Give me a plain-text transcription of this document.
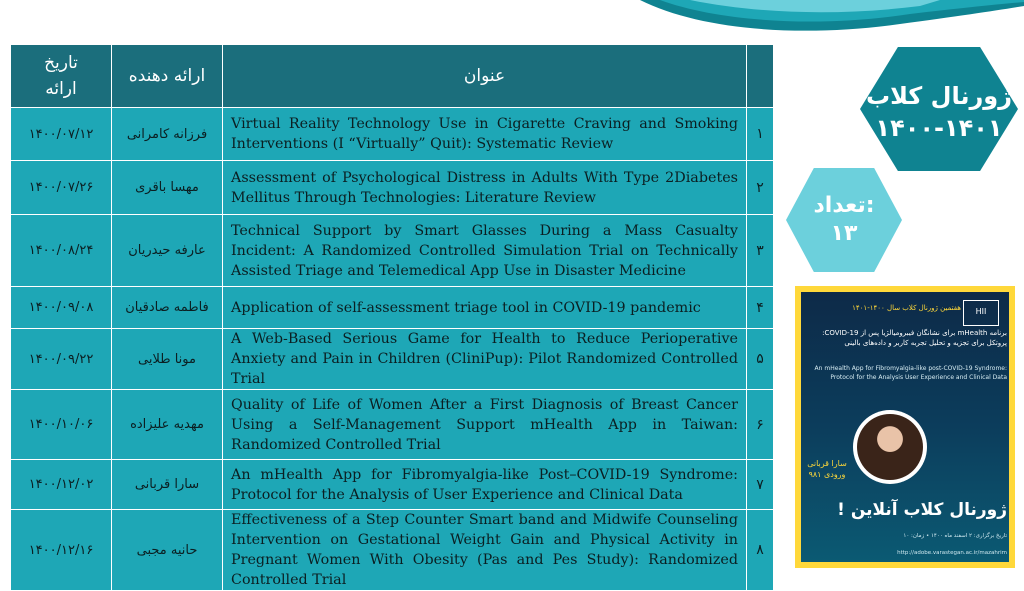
	عنوان	ارائه دهنده	تاریخ ارائه
۱	Virtual Reality Technology Use in Cigarette Craving and Smoking Interventions (I “Virtually” Quit): Systematic Review	فرزانه کامرانی	۱۴۰۰/۰۷/۱۲
۲	Assessment of Psychological Distress in Adults With Type 2Diabetes Mellitus Through Technologies: Literature Review	مهسا باقری	۱۴۰۰/۰۷/۲۶
۳	Technical Support by Smart Glasses During a Mass Casualty Incident: A Randomized Controlled Simulation Trial on Technically Assisted Triage and Telemedical App Use in Disaster Medicine	عارفه حیدریان	۱۴۰۰/۰۸/۲۴
۴	Application of self-assessment triage tool in COVID-19 pandemic	فاطمه صادقیان	۱۴۰۰/۰۹/۰۸
۵	A Web-Based Serious Game for Health to Reduce Perioperative Anxiety and Pain in Children (CliniPup): Pilot Randomized Controlled Trial	مونا طلایی	۱۴۰۰/۰۹/۲۲
۶	Quality of Life of Women After a First Diagnosis of Breast Cancer Using a Self-Management Support mHealth App in Taiwan: Randomized Controlled Trial	مهدیه علیزاده	۱۴۰۰/۱۰/۰۶
۷	An mHealth App for Fibromyalgia-like Post–COVID-19 Syndrome: Protocol for the Analysis of User Experience and Clinical Data	سارا قربانی	۱۴۰۰/۱۲/۰۲
۸	Effectiveness of a Step Counter Smart band and Midwife Counseling Intervention on Gestational Weight Gain and Physical Activity in Pregnant Women With Obesity (Pas and Pes Study): Randomized Controlled Trial	حانیه مجبی	۱۴۰۰/۱۲/۱۶
ژورنال کلاب
۱۴۰۰-۱۴۰۱
تعداد:
۱۳
HII
هفتمین ژورنال کلاب سال ۱۴۰۰-۱۴۰۱
برنامه mHealth برای نشانگان فیبرومیالژیا پس از COVID-19: پروتکل برای تجزیه و تحلیل تجربه کاربر و داده‌های بالینی
An mHealth App for Fibromyalgia-like post-COVID-19 Syndrome: Protocol for the Analysis User Experience and Clinical Data
سارا قربانی ورودی ۹۸۱
ژورنال کلاب آنلاین !
تاریخ برگزاری: ۲ اسفند ماه ۱۴۰۰ • زمان: ۱۰
http://adobe.varastegan.ac.ir/mazahrim
